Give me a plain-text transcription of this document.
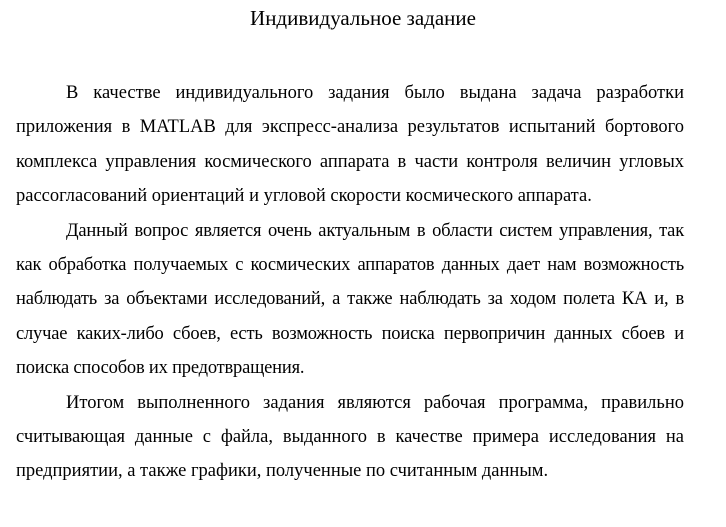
Индивидуальное задание

В качестве индивидуального задания было выдана задача разработки приложения в MATLAB для экспресс-анализа результатов испытаний бортового комплекса управления космического аппарата в части контроля величин угловых рассогласований ориентаций и угловой скорости космического аппарата.

Данный вопрос является очень актуальным в области систем управления, так как обработка получаемых с космических аппаратов данных дает нам возможность наблюдать за объектами исследований, а также наблюдать за ходом полета КА и, в случае каких-либо сбоев, есть возможность поиска первопричин данных сбоев и поиска способов их предотвращения.

Итогом выполненного задания являются рабочая программа, правильно считывающая данные с файла, выданного в качестве примера исследования на предприятии, а также графики, полученные по считанным данным.
